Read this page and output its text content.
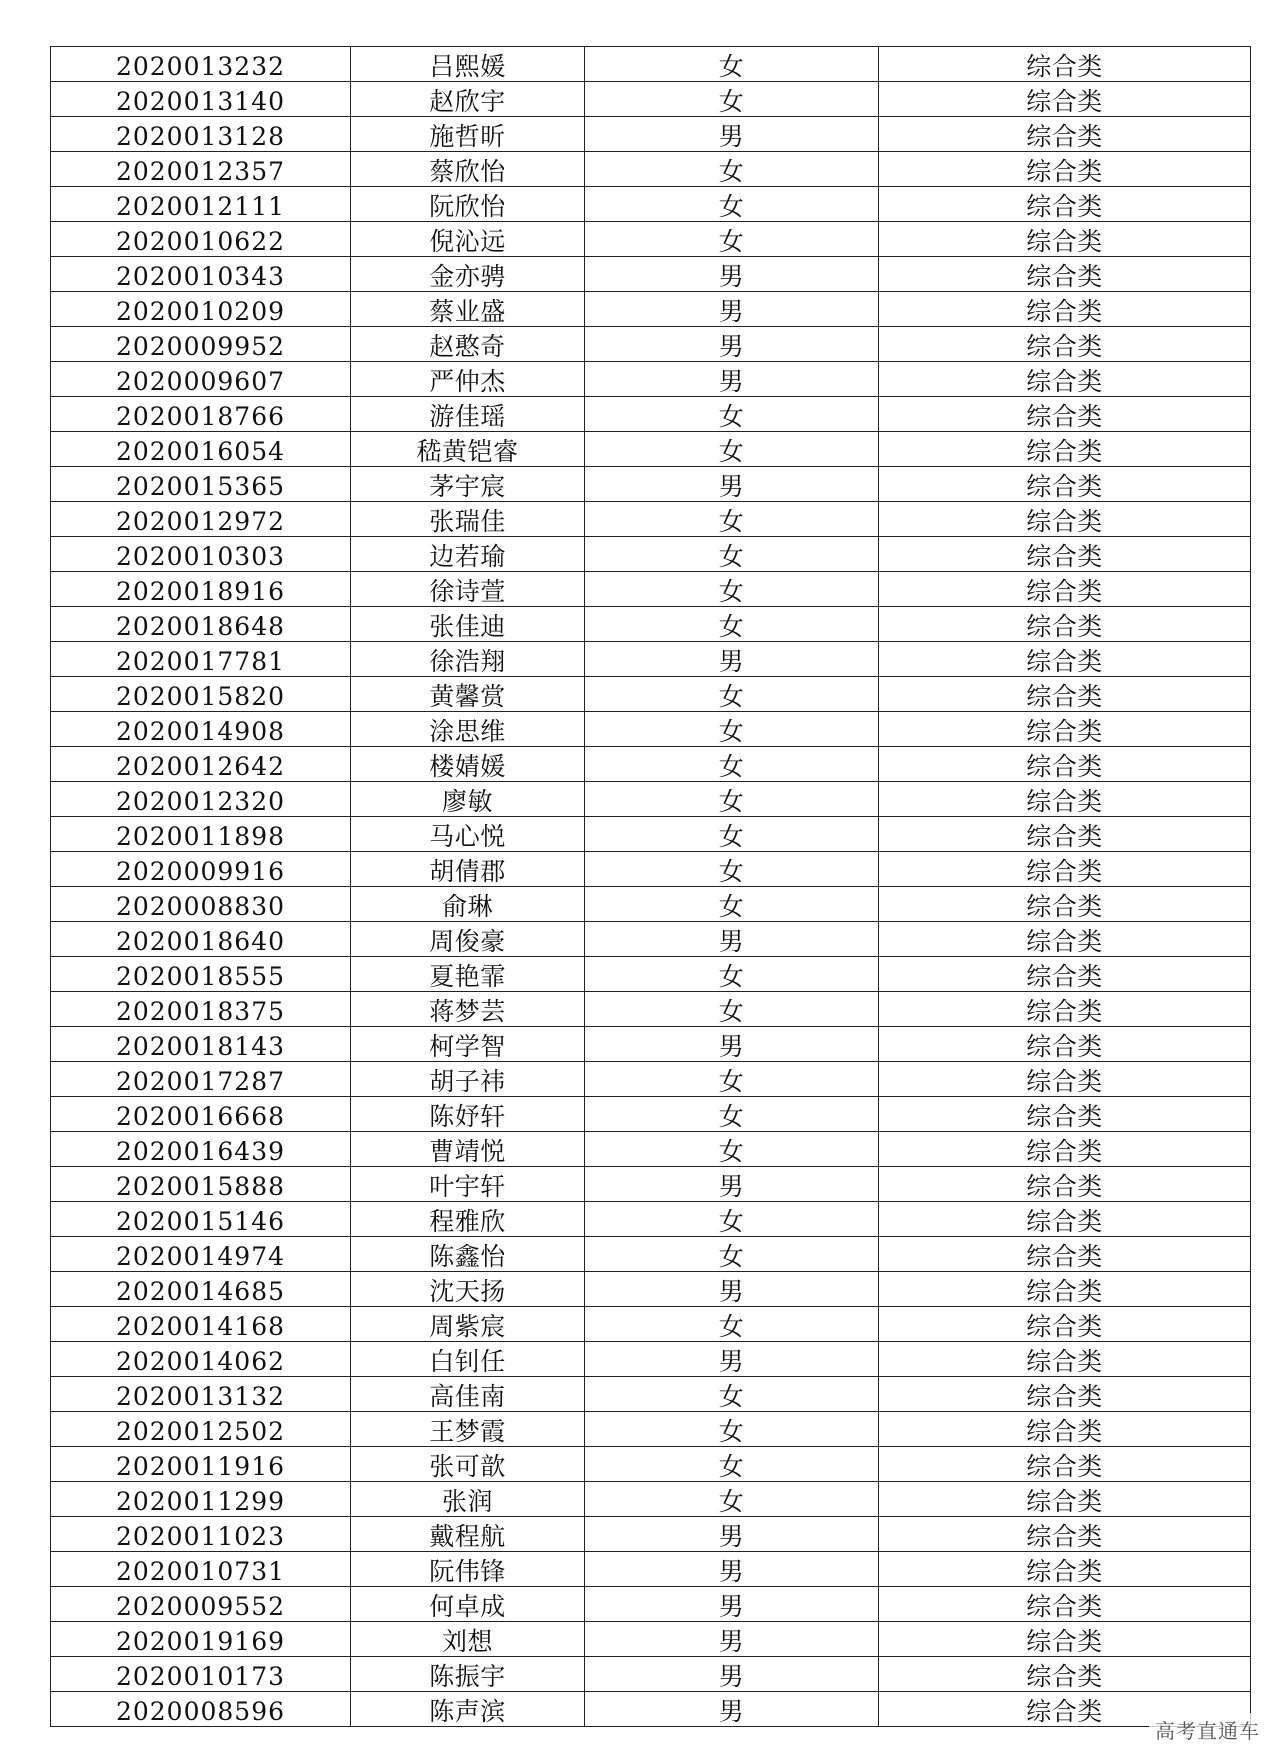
2020013232	吕熙媛	女	综合类
2020013140	赵欣宇	女	综合类
2020013128	施哲昕	男	综合类
2020012357	蔡欣怡	女	综合类
2020012111	阮欣怡	女	综合类
2020010622	倪沁远	女	综合类
2020010343	金亦骋	男	综合类
2020010209	蔡业盛	男	综合类
2020009952	赵憨奇	男	综合类
2020009607	严仲杰	男	综合类
2020018766	游佳瑶	女	综合类
2020016054	嵇黄铠睿	女	综合类
2020015365	茅宇宸	男	综合类
2020012972	张瑞佳	女	综合类
2020010303	边若瑜	女	综合类
2020018916	徐诗萱	女	综合类
2020018648	张佳迪	女	综合类
2020017781	徐浩翔	男	综合类
2020015820	黄馨赏	女	综合类
2020014908	涂思维	女	综合类
2020012642	楼婧媛	女	综合类
2020012320	廖敏	女	综合类
2020011898	马心悦	女	综合类
2020009916	胡倩郡	女	综合类
2020008830	俞琳	女	综合类
2020018640	周俊豪	男	综合类
2020018555	夏艳霏	女	综合类
2020018375	蒋梦芸	女	综合类
2020018143	柯学智	男	综合类
2020017287	胡子祎	女	综合类
2020016668	陈妤轩	女	综合类
2020016439	曹靖悦	女	综合类
2020015888	叶宇轩	男	综合类
2020015146	程雅欣	女	综合类
2020014974	陈鑫怡	女	综合类
2020014685	沈天扬	男	综合类
2020014168	周紫宸	女	综合类
2020014062	白钊任	男	综合类
2020013132	高佳南	女	综合类
2020012502	王梦霞	女	综合类
2020011916	张可歆	女	综合类
2020011299	张润	女	综合类
2020011023	戴程航	男	综合类
2020010731	阮伟锋	男	综合类
2020009552	何卓成	男	综合类
2020019169	刘想	男	综合类
2020010173	陈振宇	男	综合类
2020008596	陈声滨	男	综合类
高考直通车
